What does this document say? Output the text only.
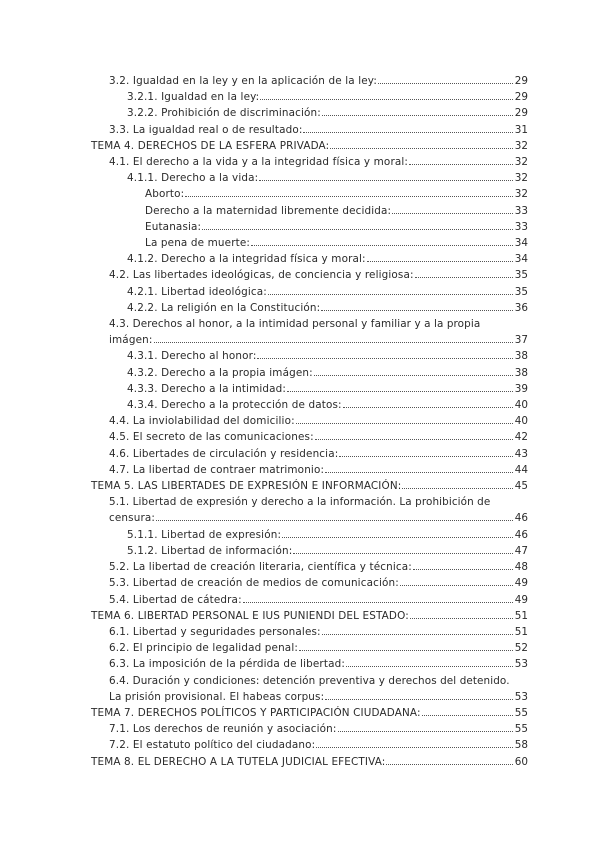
3.2. Igualdad en la ley y en la aplicación de la ley:	29
3.2.1. Igualdad en la ley:	29
3.2.2. Prohibición de discriminación:	29
3.3. La igualdad real o de resultado:	31
TEMA 4. DERECHOS DE LA ESFERA PRIVADA:	32
4.1. El derecho a la vida y a la integridad física y moral:	32
4.1.1. Derecho a la vida:	32
Aborto:	32
Derecho a la maternidad libremente decidida:	33
Eutanasia:	33
La pena de muerte:	34
4.1.2. Derecho a la integridad física y moral:	34
4.2. Las libertades ideológicas, de conciencia y religiosa:	35
4.2.1. Libertad ideológica:	35
4.2.2. La religión en la Constitución:	36
4.3. Derechos al honor, a la intimidad personal y familiar y a la propia
imágen:	37
4.3.1. Derecho al honor:	38
4.3.2. Derecho a la propia imágen:	38
4.3.3. Derecho a la intimidad:	39
4.3.4. Derecho a la protección de datos:	40
4.4. La inviolabilidad del domicilio:	40
4.5. El secreto de las comunicaciones:	42
4.6. Libertades de circulación y residencia:	43
4.7. La libertad de contraer matrimonio:	44
TEMA 5. LAS LIBERTADES DE EXPRESIÓN E INFORMACIÓN:	45
5.1. Libertad de expresión y derecho a la información. La prohibición de
censura:	46
5.1.1. Libertad de expresión:	46
5.1.2. Libertad de información:	47
5.2. La libertad de creación literaria, científica y técnica:	48
5.3. Libertad de creación de medios de comunicación:	49
5.4. Libertad de cátedra:	49
TEMA 6. LIBERTAD PERSONAL E IUS PUNIENDI DEL ESTADO:	51
6.1. Libertad y seguridades personales:	51
6.2. El principio de legalidad penal:	52
6.3. La imposición de la pérdida de libertad:	53
6.4. Duración y condiciones: detención preventiva y derechos del detenido.
La prisión provisional. El habeas corpus:	53
TEMA 7. DERECHOS POLÍTICOS Y PARTICIPACIÓN CIUDADANA:	55
7.1. Los derechos de reunión y asociación:	55
7.2. El estatuto político del ciudadano:	58
TEMA 8. EL DERECHO A LA TUTELA JUDICIAL EFECTIVA:	60
